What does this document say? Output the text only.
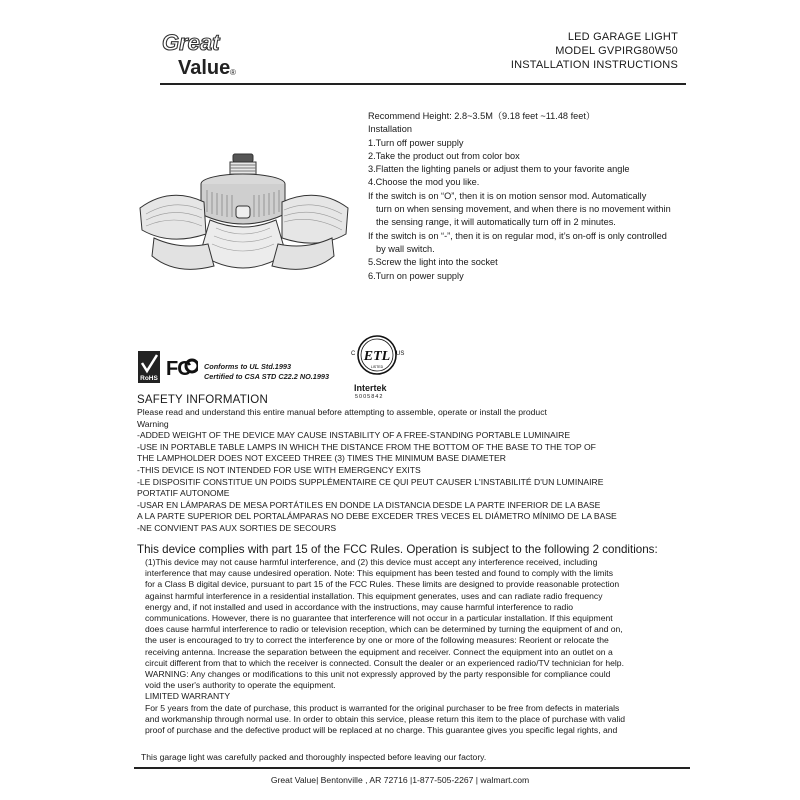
Great
Value ®
LED GARAGE LIGHT
MODEL GVPIRG80W50
INSTALLATION INSTRUCTIONS
Recommend Height: 2.8~3.5M（9.18 feet ~11.48 feet）
Installation
1.Turn off power supply
2.Take the product out from color box
3.Flatten the lighting panels or adjust them to your favorite angle
4.Choose the mod you like.
If the switch is on “O”, then it is on motion sensor mod. Automatically
turn on when sensing movement, and when there is no movement within
the sensing range, it will automatically turn off in 2 minutes.
If the switch is on “-”, then it is on regular mod, it’s on-off is only controlled
by wall switch.
5.Screw the light into the socket
6.Turn on power supply
RoHS FC Conforms to UL Std.1993
Certified to CSA STD C22.2 NO.1993
ETL
LISTED
C	US
Intertek
5005842
SAFETY INFORMATION
Please read and understand this entire manual before attempting to assemble, operate or install the product
Warning
-ADDED WEIGHT OF THE DEVICE MAY CAUSE INSTABILITY OF A FREE-STANDING PORTABLE LUMINAIRE
-USE IN PORTABLE TABLE LAMPS IN WHICH THE DISTANCE FROM THE BOTTOM OF THE BASE TO THE TOP OF
THE LAMPHOLDER DOES NOT EXCEED THREE (3) TIMES THE MINIMUM BASE DIAMETER
-THIS DEVICE IS NOT INTENDED FOR USE WITH EMERGENCY EXITS
-LE DISPOSITIF CONSTITUE UN POIDS SUPPLÉMENTAIRE CE QUI PEUT CAUSER L'INSTABILITÉ D'UN LUMINAIRE
PORTATIF AUTONOME
-USAR EN LÁMPARAS DE MESA PORTÁTILES EN DONDE LA DISTANCIA DESDE LA PARTE INFERIOR DE LA BASE
A LA PARTE SUPERIOR DEL PORTALÁMPARAS NO DEBE EXCEDER TRES VECES EL DIÁMETRO MÍNIMO DE LA BASE
-NE CONVIENT PAS AUX SORTIES DE SECOURS
This device complies with part 15 of the FCC Rules. Operation is subject to the following 2 conditions:
(1)This device may not cause harmful interference, and (2) this device must accept any interference received, including
interference that may cause undesired operation. Note: This equipment has been tested and found to comply with the limits
for a Class B digital device, pursuant to part 15 of the FCC Rules. These limits are designed to provide reasonable protection
against harmful interference in a residential installation. This equipment generates, uses and can radiate radio frequency
energy and, if not installed and used in accordance with the instructions, may cause harmful interference to radio
communications. However, there is no guarantee that interference will not occur in a particular installation. If this equipment
does cause harmful interference to radio or television reception, which can be determined by turning the equipment of and on,
the user is encouraged to try to correct the interference by one or more of the following measures: Reorient or relocate the
receiving antenna. Increase the separation between the equipment and receiver. Connect the equipment into an outlet on a
circuit different from that to which the receiver is connected. Consult the dealer or an experienced radio/TV technician for help.
WARNING: Any changes or modifications to this unit not expressly approved by the party responsible for compliance could
void the user's authority to operate the equipment.
LIMITED WARRANTY
For 5 years from the date of purchase, this product is warranted for the original purchaser to be free from defects in materials
and workmanship through normal use. In order to obtain this service, please return this item to the place of purchase with valid
proof of purchase and the defective product will be replaced at no charge. This guarantee gives you specific legal rights, and
This garage light was carefully packed and thoroughly inspected before leaving our factory.
Great Value| Bentonville , AR 72716 |1-877-505-2267 | walmart.com
